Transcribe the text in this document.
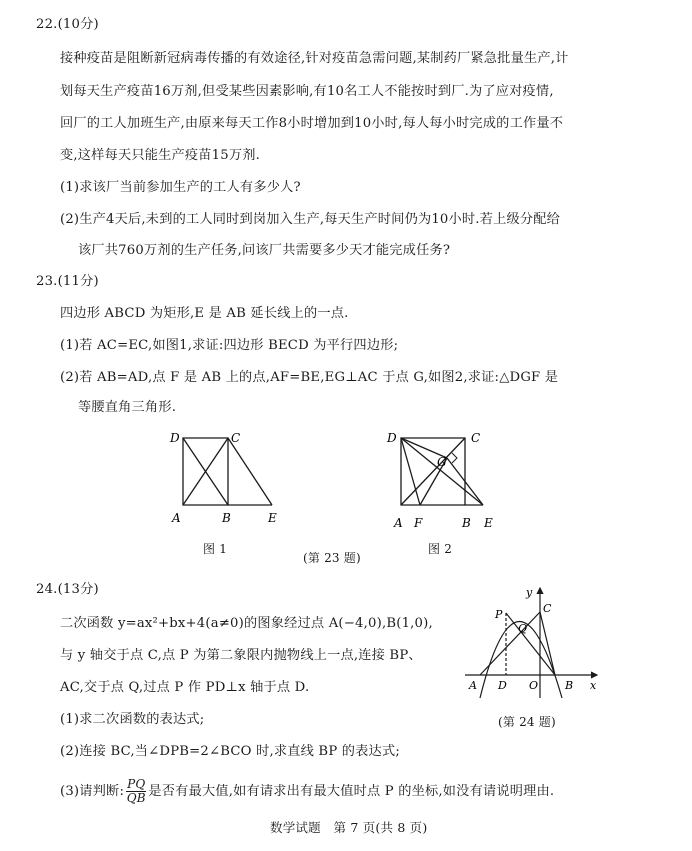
22.(10分)
接种疫苗是阻断新冠病毒传播的有效途径,针对疫苗急需问题,某制药厂紧急批量生产,计
划每天生产疫苗16万剂,但受某些因素影响,有10名工人不能按时到厂.为了应对疫情,
回厂的工人加班生产,由原来每天工作8小时增加到10小时,每人每小时完成的工作量不
变,这样每天只能生产疫苗15万剂.
(1)求该厂当前参加生产的工人有多少人?
(2)生产4天后,未到的工人同时到岗加入生产,每天生产时间仍为10小时.若上级分配给
该厂共760万剂的生产任务,问该厂共需要多少天才能完成任务?
23.(11分)
四边形 ABCD 为矩形,E 是 AB 延长线上的一点.
(1)若 AC=EC,如图1,求证:四边形 BECD 为平行四边形;
(2)若 AB=AD,点 F 是 AB 上的点,AF=BE,EG⊥AC 于点 G,如图2,求证:△DGF 是
等腰直角三角形.
D	C
A	B	E
图 1
D	C
G
A F	B E
图 2
(第 23 题)
24.(13分)
二次函数 y=ax²+bx+4(a≠0)的图象经过点 A(−4,0),B(1,0),
与 y 轴交于点 C,点 P 为第二象限内抛物线上一点,连接 BP、
AC,交于点 Q,过点 P 作 PD⊥x 轴于点 D.
(1)求二次函数的表达式;
(2)连接 BC,当∠DPB=2∠BCO 时,求直线 BP 的表达式;
(3)请判断: $\frac{PQ}{QB}$ 是否有最大值,如有请求出有最大值时点 P 的坐标,如没有请说明理由.
y
x
P	C
Q
A D O B
(第 24 题)
数学试题　第 7 页(共 8 页)
